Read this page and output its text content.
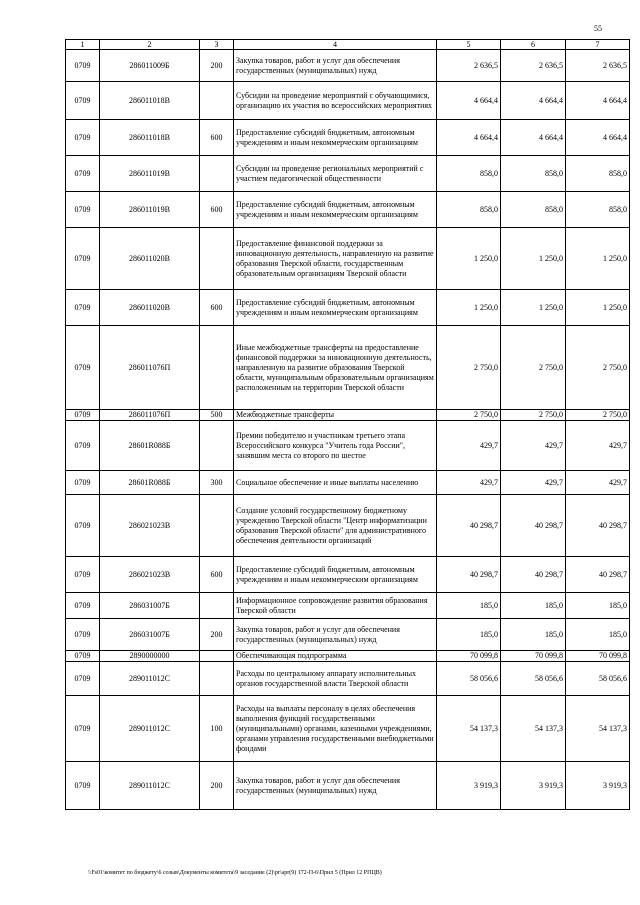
55
1	2	3	4	5	6	7
0709	286011009Б	200	Закупка товаров, работ и услуг для обеспечения государственных (муниципальных) нужд	2 636,5	2 636,5	2 636,5
0709	286011018В		Субсидии на проведение мероприятий с обучающимися, организацию их участия во всероссийских мероприятиях	4 664,4	4 664,4	4 664,4
0709	286011018В	600	Предоставление субсидий бюджетным, автономным учреждениям и иным некоммерческим организациям	4 664,4	4 664,4	4 664,4
0709	286011019В		Субсидии на проведение региональных мероприятий с участием педагогической общественности	858,0	858,0	858,0
0709	286011019В	600	Предоставление субсидий бюджетным, автономным учреждениям и иным некоммерческим организациям	858,0	858,0	858,0
0709	286011020В		Предоставление финансовой поддержки за инновационную деятельность, направленную на развитие образования Тверской области, государственным образовательным организациям Тверской области	1 250,0	1 250,0	1 250,0
0709	286011020В	600	Предоставление субсидий бюджетным, автономным учреждениям и иным некоммерческим организациям	1 250,0	1 250,0	1 250,0
0709	286011076П		Иные межбюджетные трансферты на предоставление финансовой поддержки за инновационную деятельность, направленную на развитие образования Тверской области, муниципальным образовательным организациям расположенным на территории Тверской области	2 750,0	2 750,0	2 750,0
0709	286011076П	500	Межбюджетные трансферты	2 750,0	2 750,0	2 750,0
0709	28601R088Б		Премии победителю и участникам третьего этапа Всероссийского конкурса "Учитель года России", занявшим места со второго по шестое	429,7	429,7	429,7
0709	28601R088Б	300	Социальное обеспечение и иные выплаты населению	429,7	429,7	429,7
0709	286021023В		Создание условий государственному бюджетному учреждению Тверской области "Центр информатизации образования Тверской области" для административного обеспечения деятельности организаций	40 298,7	40 298,7	40 298,7
0709	286021023В	600	Предоставление субсидий бюджетным, автономным учреждениям и иным некоммерческим организациям	40 298,7	40 298,7	40 298,7
0709	286031007Б		Информационное сопровождение развития образования Тверской области	185,0	185,0	185,0
0709	286031007Б	200	Закупка товаров, работ и услуг для обеспечения государственных (муниципальных) нужд	185,0	185,0	185,0
0709	2890000000		Обеспечивающая подпрограмма	70 099,8	70 099,8	70 099,8
0709	289011012С		Расходы по центральному аппарату исполнительных органов государственной власти Тверской области	58 056,6	58 056,6	58 056,6
0709	289011012С	100	Расходы на выплаты персоналу в целях обеспечения выполнения функций государственными (муниципальными) органами, казенными учреждениями, органами управления государственными внебюджетными фондами	54 137,3	54 137,3	54 137,3
0709	289011012С	200	Закупка товаров, работ и услуг для обеспечения государственных (муниципальных) нужд	3 919,3	3 919,3	3 919,3
\\Fs01\комитет по бюджету\6 созыв\Документы комитета\9 заседание (2)\pr\apr(9) 172-П-6\Прил 5 (Прил 12 РПЦВ)
